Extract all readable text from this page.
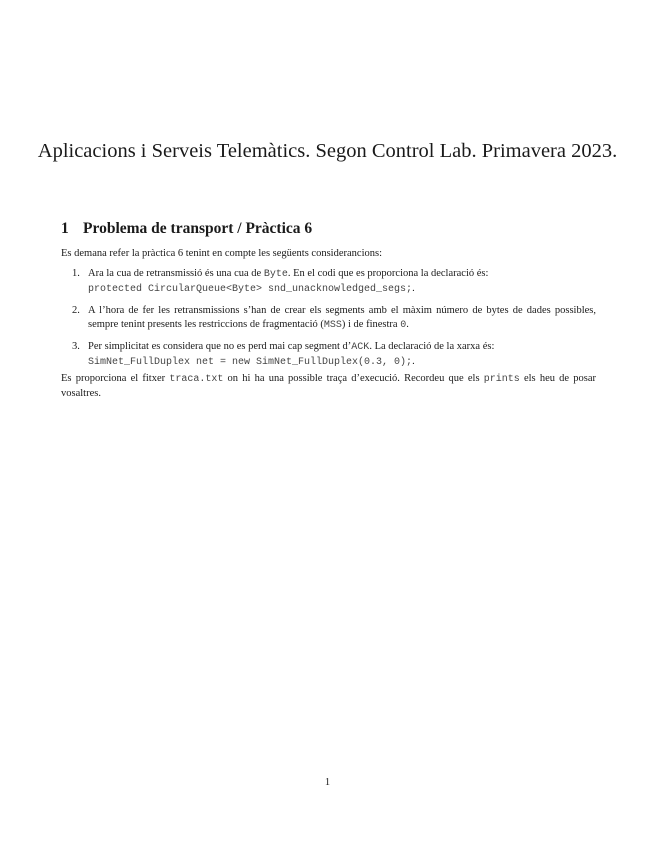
Aplicacions i Serveis Telemàtics. Segon Control Lab. Primavera 2023.
1 Problema de transport / Pràctica 6
Es demana refer la pràctica 6 tenint en compte les següents considerancions:
1. Ara la cua de retransmissió és una cua de Byte. En el codi que es proporciona la declaració és:
protected CircularQueue<Byte> snd_unacknowledged_segs;.
2. A l’hora de fer les retransmissions s’han de crear els segments amb el màxim número de bytes de dades possibles, sempre tenint presents les restriccions de fragmentació (MSS) i de finestra 0.
3. Per simplicitat es considera que no es perd mai cap segment d’ACK. La declaració de la xarxa és:
SimNet_FullDuplex net = new SimNet_FullDuplex(0.3, 0);.
Es proporciona el fitxer traca.txt on hi ha una possible traça d’execució. Recordeu que els prints els heu de posar vosaltres.
1
